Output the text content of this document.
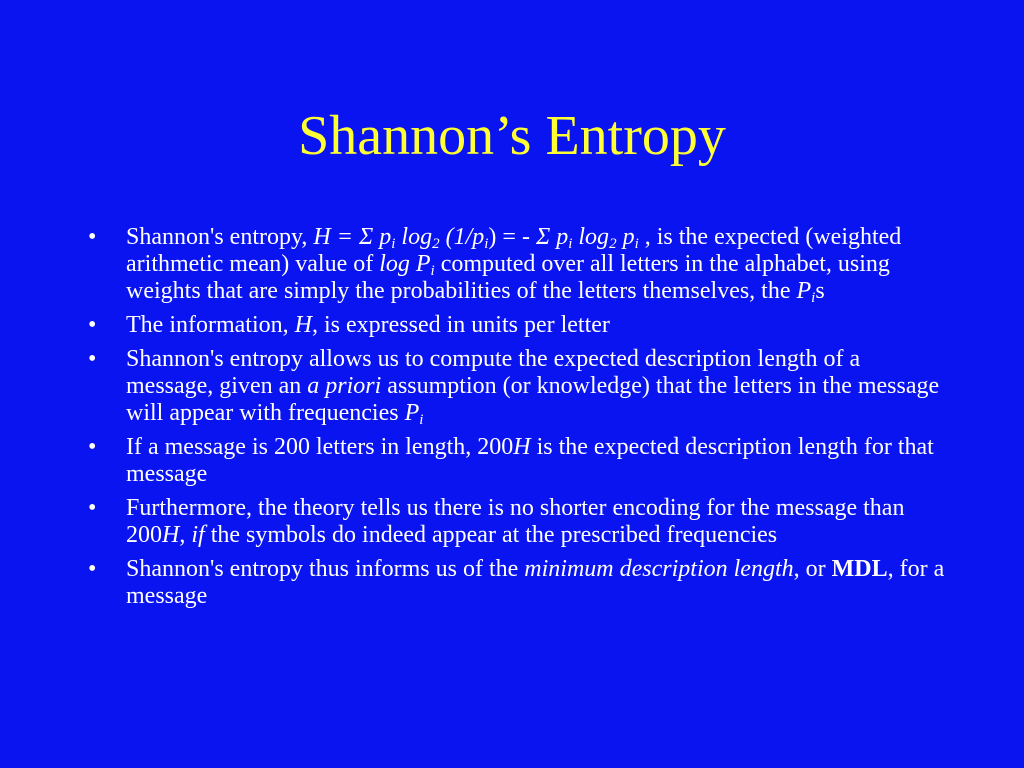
Shannon’s Entropy
•	Shannon's entropy, H = Σ $p_i$ $\log_2 (1/p_i)$ = - Σ $p_i$ $\log_2 p_i$ , is the expected (weighted arithmetic mean) value of $\log P_i$ computed over all letters in the alphabet, using weights that are simply the probabilities of the letters themselves, the $P_is$
•	The information, H, is expressed in units per letter
•	Shannon's entropy allows us to compute the expected description length of a message, given an a priori assumption (or knowledge) that the letters in the message will appear with frequencies $P_i$
•	If a message is 200 letters in length, 200H is the expected description length for that message
•	Furthermore, the theory tells us there is no shorter encoding for the message than 200H, if the symbols do indeed appear at the prescribed frequencies
•	Shannon's entropy thus informs us of the minimum description length, or MDL, for a message
